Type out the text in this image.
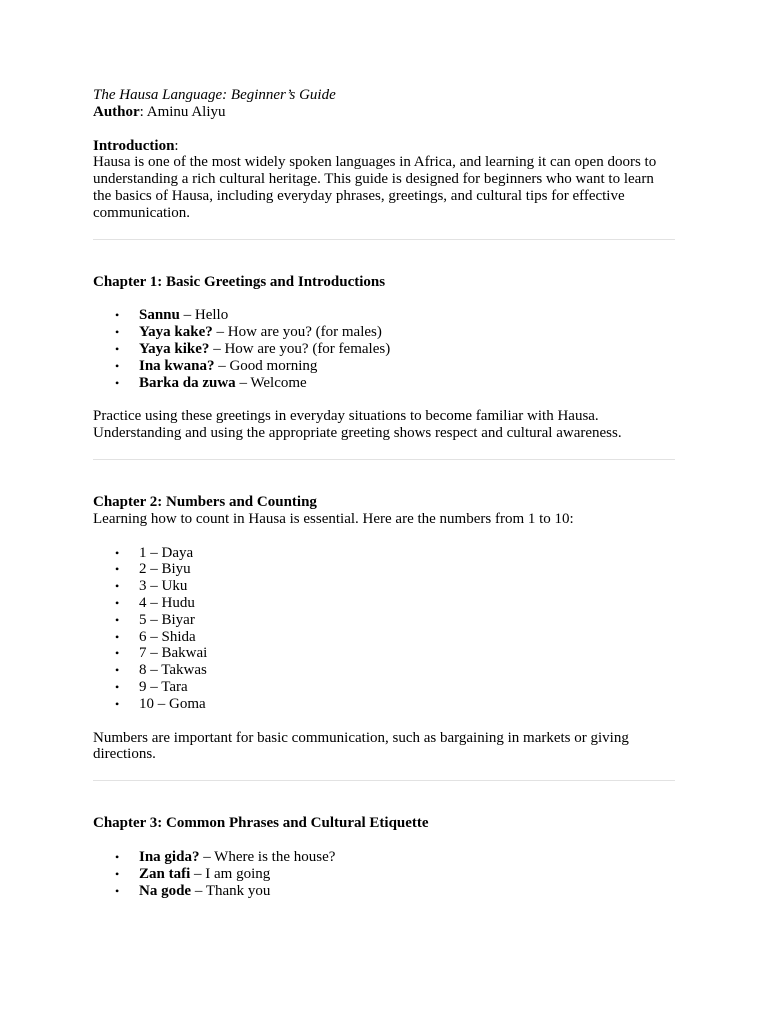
The Hausa Language: Beginner’s Guide

Author: Aminu Aliyu

Introduction:

Hausa is one of the most widely spoken languages in Africa, and learning it can open doors to understanding a rich cultural heritage. This guide is designed for beginners who want to learn the basics of Hausa, including everyday phrases, greetings, and cultural tips for effective communication.

Chapter 1: Basic Greetings and Introductions

• Sannu – Hello
• Yaya kake? – How are you? (for males)
• Yaya kike? – How are you? (for females)
• Ina kwana? – Good morning
• Barka da zuwa – Welcome

Practice using these greetings in everyday situations to become familiar with Hausa. Understanding and using the appropriate greeting shows respect and cultural awareness.

Chapter 2: Numbers and Counting

Learning how to count in Hausa is essential. Here are the numbers from 1 to 10:

• 1 – Daya
• 2 – Biyu
• 3 – Uku
• 4 – Hudu
• 5 – Biyar
• 6 – Shida
• 7 – Bakwai
• 8 – Takwas
• 9 – Tara
• 10 – Goma

Numbers are important for basic communication, such as bargaining in markets or giving directions.

Chapter 3: Common Phrases and Cultural Etiquette

• Ina gida? – Where is the house?
• Zan tafi – I am going
• Na gode – Thank you
